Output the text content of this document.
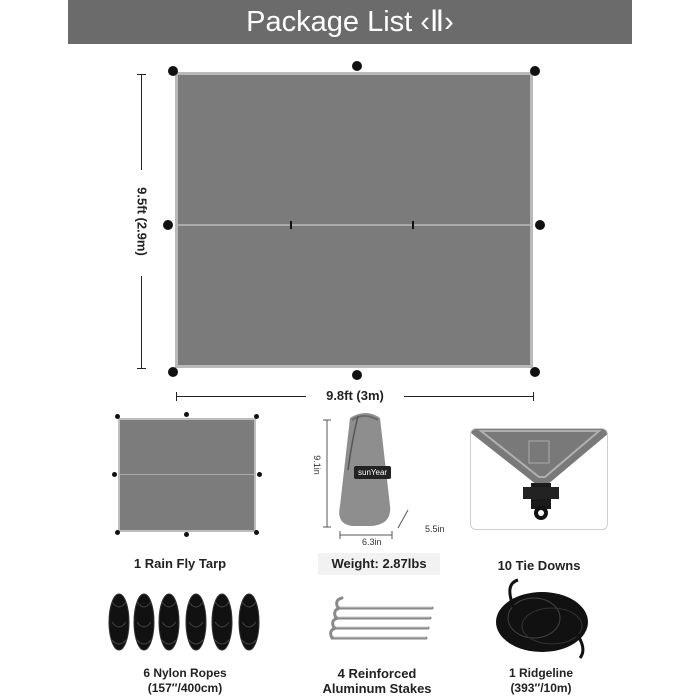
Package List ‹Ⅱ›
9.5ft (2.9m)
9.8ft (3m)
sunYear
9.1in
6.3in
5.5in
1 Rain Fly Tarp	Weight: 2.87lbs	10 Tie Downs
6 Nylon Ropes
(157″/400cm)
4 Reinforced
Aluminum Stakes
1 Ridgeline
(393″/10m)
